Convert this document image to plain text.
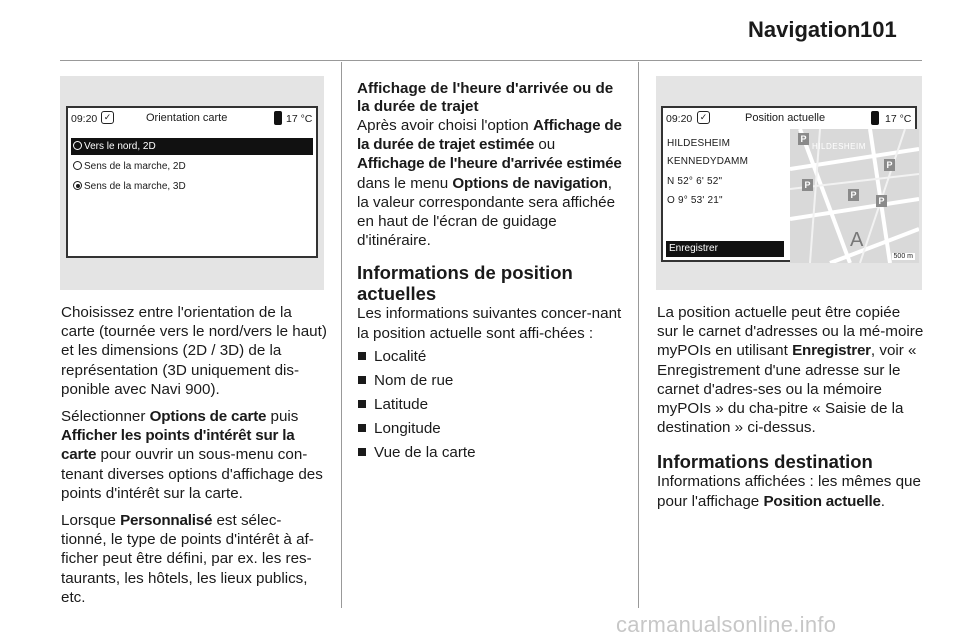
Navigation 101
09:20 ✓	Orientation carte	17 °C
Vers le nord, 2D
Sens de la marche, 2D
Sens de la marche, 3D

Choisissez entre l'orientation de la carte (tournée vers le nord/vers le haut) et les dimensions (2D / 3D) de la représentation (3D uniquement dis-ponible avec Navi 900).

Sélectionner Options de carte puis Afficher les points d'intérêt sur la carte pour ouvrir un sous-menu con-tenant diverses options d'affichage des points d'intérêt sur la carte.

Lorsque Personnalisé est sélec-tionné, le type de points d'intérêt à af-ficher peut être défini, par ex. les res-taurants, les hôtels, les lieux publics, etc.

Affichage de l'heure d'arrivée ou de la durée de trajet

Après avoir choisi l'option Affichage de la durée de trajet estimée ou Affichage de l'heure d'arrivée estimée dans le menu Options de navigation, la valeur correspondante sera affichée en haut de l'écran de guidage d'itinéraire.

Informations de position actuelles

Les informations suivantes concer-nant la position actuelle sont affi-chées :

Localité
Nom de rue
Latitude
Longitude
Vue de la carte
09:20 ✓	Position actuelle	17 °C
HILDESHEIM
KENNEDYDAMM
N 52° 6' 52"
O 9° 53' 21"
Enregistrer
HILDESHEIM
P
P
P
P
P
A
500 m

La position actuelle peut être copiée sur le carnet d'adresses ou la mé-moire myPOIs en utilisant Enregistrer, voir « Enregistrement d'une adresse sur le carnet d'adres-ses ou la mémoire myPOIs » du cha-pitre « Saisie de la destination » ci-dessus.

Informations destination

Informations affichées : les mêmes que pour l'affichage Position actuelle.

carmanualsonline.info
